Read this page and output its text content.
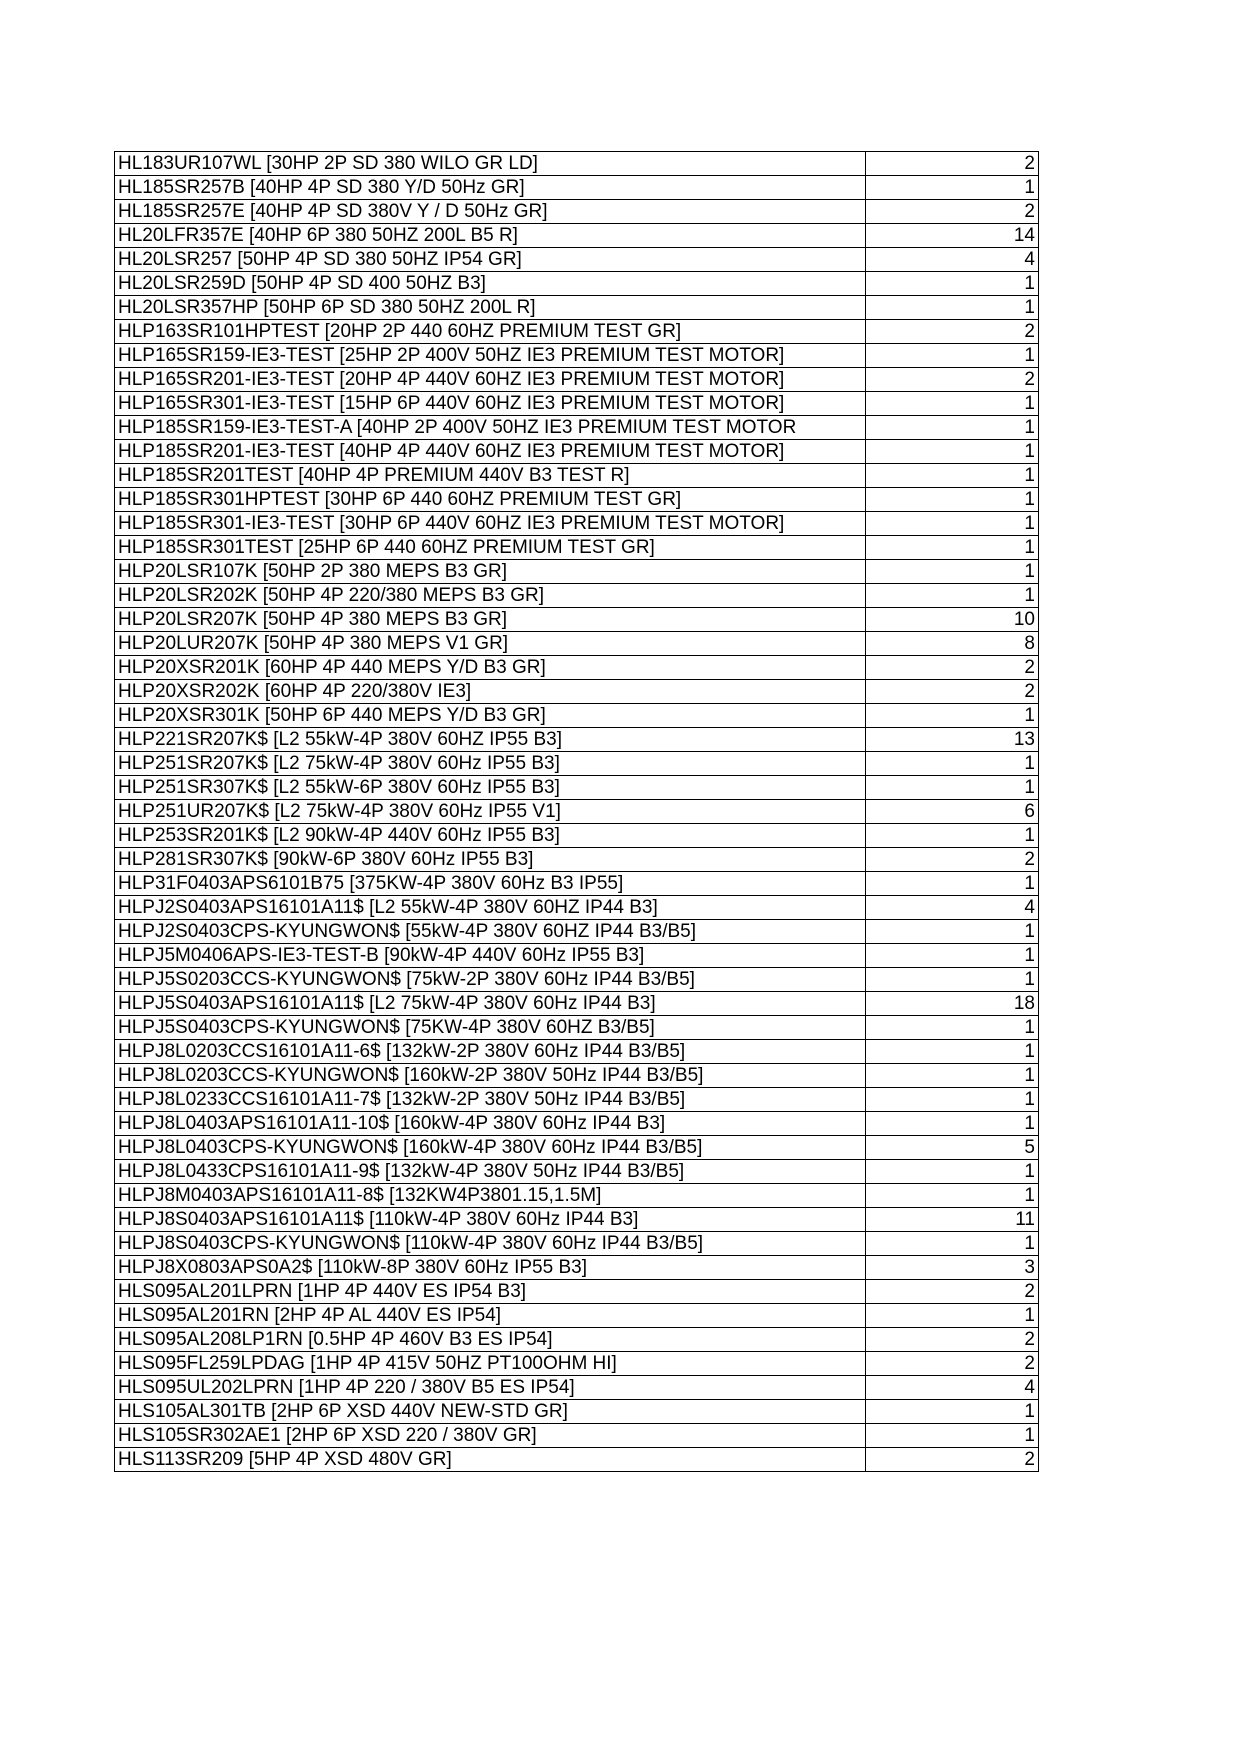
HL183UR107WL [30HP 2P SD 380 WILO GR LD]	2
HL185SR257B [40HP 4P SD 380 Y/D 50Hz GR]	1
HL185SR257E [40HP 4P SD 380V Y / D 50Hz GR]	2
HL20LFR357E [40HP 6P 380 50HZ 200L B5 R]	14
HL20LSR257 [50HP 4P SD 380 50HZ IP54 GR]	4
HL20LSR259D [50HP 4P SD 400 50HZ B3]	1
HL20LSR357HP [50HP 6P SD 380 50HZ 200L R]	1
HLP163SR101HPTEST [20HP 2P 440 60HZ PREMIUM TEST GR]	2
HLP165SR159-IE3-TEST [25HP 2P 400V 50HZ IE3 PREMIUM TEST MOTOR]	1
HLP165SR201-IE3-TEST [20HP 4P 440V 60HZ IE3 PREMIUM TEST MOTOR]	2
HLP165SR301-IE3-TEST [15HP 6P 440V 60HZ IE3 PREMIUM TEST MOTOR]	1
HLP185SR159-IE3-TEST-A [40HP 2P 400V 50HZ IE3 PREMIUM TEST MOTOR	1
HLP185SR201-IE3-TEST [40HP 4P 440V 60HZ IE3 PREMIUM TEST MOTOR]	1
HLP185SR201TEST [40HP 4P PREMIUM 440V B3 TEST R]	1
HLP185SR301HPTEST [30HP 6P 440 60HZ PREMIUM TEST GR]	1
HLP185SR301-IE3-TEST [30HP 6P 440V 60HZ IE3 PREMIUM TEST MOTOR]	1
HLP185SR301TEST [25HP 6P 440 60HZ PREMIUM TEST GR]	1
HLP20LSR107K [50HP 2P 380 MEPS B3 GR]	1
HLP20LSR202K [50HP 4P 220/380 MEPS B3 GR]	1
HLP20LSR207K [50HP 4P 380 MEPS B3 GR]	10
HLP20LUR207K [50HP 4P 380 MEPS V1 GR]	8
HLP20XSR201K [60HP 4P 440 MEPS Y/D B3 GR]	2
HLP20XSR202K [60HP 4P 220/380V IE3]	2
HLP20XSR301K [50HP 6P 440 MEPS Y/D B3 GR]	1
HLP221SR207K$ [L2 55kW-4P 380V 60HZ IP55 B3]	13
HLP251SR207K$ [L2 75kW-4P 380V 60Hz IP55 B3]	1
HLP251SR307K$ [L2 55kW-6P 380V 60Hz IP55 B3]	1
HLP251UR207K$ [L2 75kW-4P 380V 60Hz IP55 V1]	6
HLP253SR201K$ [L2 90kW-4P 440V 60Hz IP55 B3]	1
HLP281SR307K$ [90kW-6P 380V 60Hz IP55 B3]	2
HLP31F0403APS6101B75 [375KW-4P 380V 60Hz B3 IP55]	1
HLPJ2S0403APS16101A11$ [L2 55kW-4P 380V 60HZ IP44 B3]	4
HLPJ2S0403CPS-KYUNGWON$ [55kW-4P 380V 60HZ IP44 B3/B5]	1
HLPJ5M0406APS-IE3-TEST-B [90kW-4P 440V 60Hz IP55 B3]	1
HLPJ5S0203CCS-KYUNGWON$ [75kW-2P 380V 60Hz IP44 B3/B5]	1
HLPJ5S0403APS16101A11$ [L2 75kW-4P 380V 60Hz IP44 B3]	18
HLPJ5S0403CPS-KYUNGWON$ [75KW-4P 380V 60HZ B3/B5]	1
HLPJ8L0203CCS16101A11-6$ [132kW-2P 380V 60Hz IP44 B3/B5]	1
HLPJ8L0203CCS-KYUNGWON$ [160kW-2P 380V 50Hz IP44 B3/B5]	1
HLPJ8L0233CCS16101A11-7$ [132kW-2P 380V 50Hz IP44 B3/B5]	1
HLPJ8L0403APS16101A11-10$ [160kW-4P 380V 60Hz IP44 B3]	1
HLPJ8L0403CPS-KYUNGWON$ [160kW-4P 380V 60Hz IP44 B3/B5]	5
HLPJ8L0433CPS16101A11-9$ [132kW-4P 380V 50Hz IP44 B3/B5]	1
HLPJ8M0403APS16101A11-8$ [132KW4P3801.15,1.5M]	1
HLPJ8S0403APS16101A11$ [110kW-4P 380V 60Hz IP44 B3]	11
HLPJ8S0403CPS-KYUNGWON$ [110kW-4P 380V 60Hz IP44 B3/B5]	1
HLPJ8X0803APS0A2$ [110kW-8P 380V 60Hz IP55 B3]	3
HLS095AL201LPRN [1HP 4P 440V ES IP54 B3]	2
HLS095AL201RN [2HP 4P AL 440V ES IP54]	1
HLS095AL208LP1RN [0.5HP 4P 460V B3 ES IP54]	2
HLS095FL259LPDAG [1HP 4P 415V 50HZ PT100OHM HI]	2
HLS095UL202LPRN [1HP 4P 220 / 380V B5 ES IP54]	4
HLS105AL301TB [2HP 6P XSD 440V NEW-STD GR]	1
HLS105SR302AE1 [2HP 6P XSD 220 / 380V GR]	1
HLS113SR209 [5HP 4P XSD 480V GR]	2
